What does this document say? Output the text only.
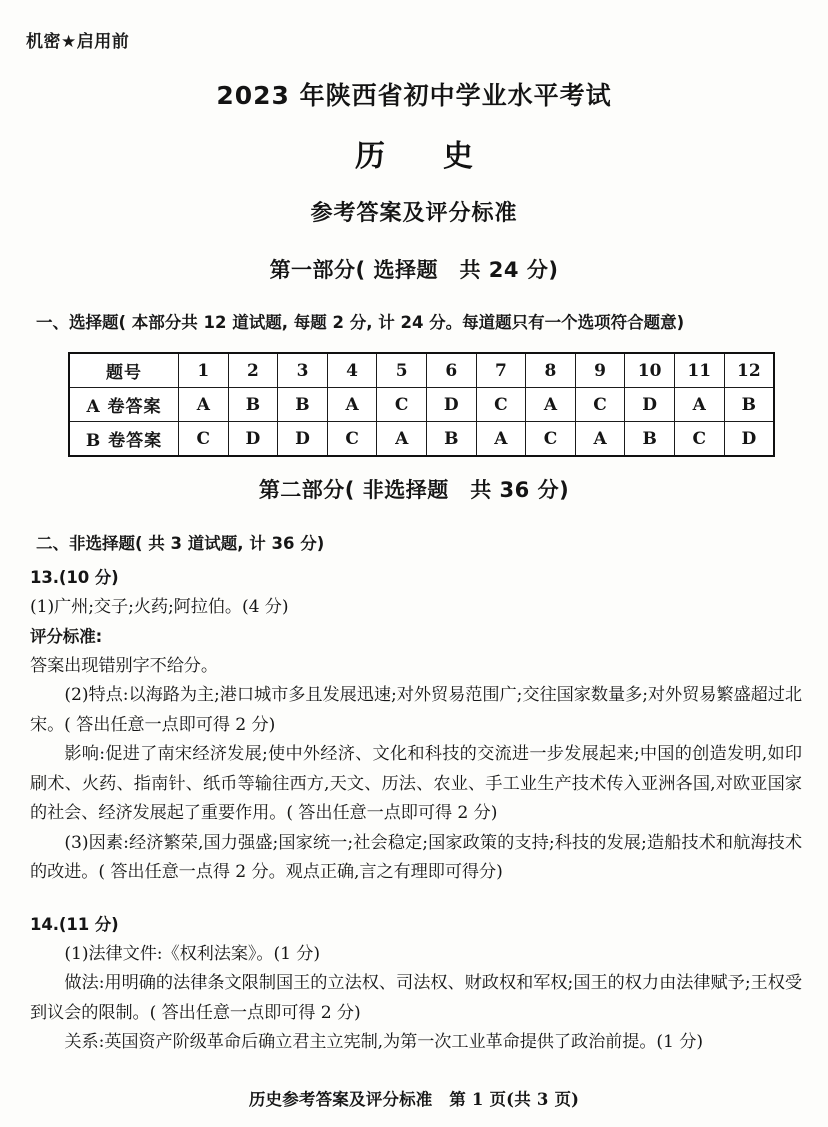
机密★启用前
2023 年陕西省初中学业水平考试
历　史
参考答案及评分标准
第一部分( 选择题　共 24 分)
一、选择题( 本部分共 12 道试题, 每题 2 分, 计 24 分。每道题只有一个选项符合题意)
题号	1	2	3	4	5	6	7	8	9	10	11	12
A 卷答案	A	B	B	A	C	D	C	A	C	D	A	B
B 卷答案	C	D	D	C	A	B	A	C	A	B	C	D
第二部分( 非选择题　共 36 分)
二、非选择题( 共 3 道试题, 计 36 分)

13.(10 分)

(1)广州;交子;火药;阿拉伯。(4 分)

评分标准:

答案出现错别字不给分。

(2)特点:以海路为主;港口城市多且发展迅速;对外贸易范围广;交往国家数量多;对外贸易繁盛超过北宋。( 答出任意一点即可得 2 分)

影响:促进了南宋经济发展;使中外经济、文化和科技的交流进一步发展起来;中国的创造发明,如印刷术、火药、指南针、纸币等输往西方,天文、历法、农业、手工业生产技术传入亚洲各国,对欧亚国家的社会、经济发展起了重要作用。( 答出任意一点即可得 2 分)

(3)因素:经济繁荣,国力强盛;国家统一;社会稳定;国家政策的支持;科技的发展;造船技术和航海技术的改进。( 答出任意一点得 2 分。观点正确,言之有理即可得分)

14.(11 分)

(1)法律文件:《权利法案》。(1 分)

做法:用明确的法律条文限制国王的立法权、司法权、财政权和军权;国王的权力由法律赋予;王权受到议会的限制。( 答出任意一点即可得 2 分)

关系:英国资产阶级革命后确立君主立宪制,为第一次工业革命提供了政治前提。(1 分)

历史参考答案及评分标准　第 1 页(共 3 页)
